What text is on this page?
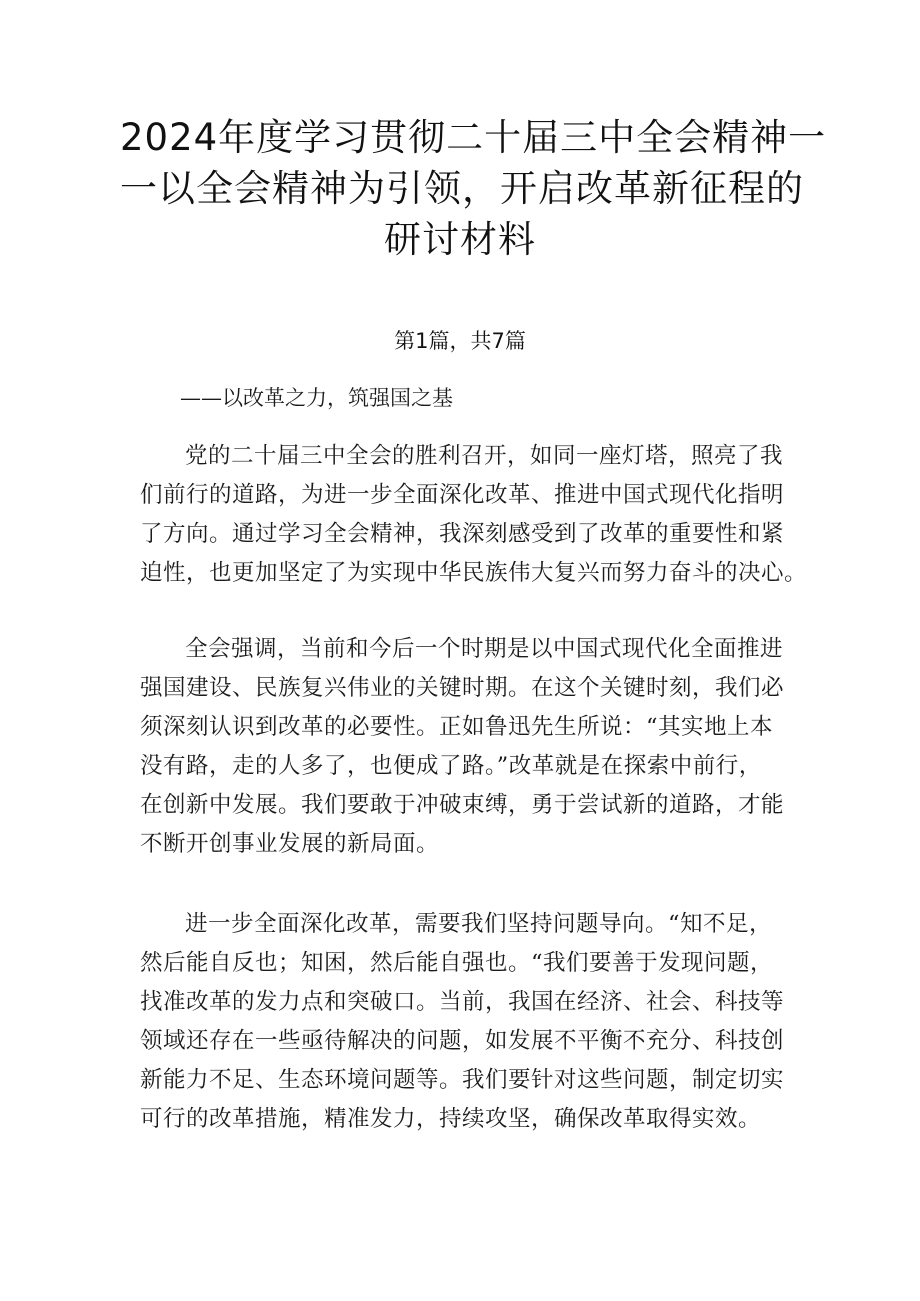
2024年度学习贯彻二十届三中全会精神一
一以全会精神为引领，开启改革新征程的
研讨材料
第1篇，共7篇
——以改革之力，筑强国之基
党的二十届三中全会的胜利召开，如同一座灯塔，照亮了我
们前行的道路，为进一步全面深化改革、推进中国式现代化指明
了方向。通过学习全会精神，我深刻感受到了改革的重要性和紧
迫性，也更加坚定了为实现中华民族伟大复兴而努力奋斗的决心。
全会强调，当前和今后一个时期是以中国式现代化全面推进
强国建设、民族复兴伟业的关键时期。在这个关键时刻，我们必
须深刻认识到改革的必要性。正如鲁迅先生所说：“其实地上本
没有路，走的人多了，也便成了路。”改革就是在探索中前行，
在创新中发展。我们要敢于冲破束缚，勇于尝试新的道路，才能
不断开创事业发展的新局面。
进一步全面深化改革，需要我们坚持问题导向。“知不足，
然后能自反也；知困，然后能自强也。“我们要善于发现问题，
找准改革的发力点和突破口。当前，我国在经济、社会、科技等
领域还存在一些亟待解决的问题，如发展不平衡不充分、科技创
新能力不足、生态环境问题等。我们要针对这些问题，制定切实
可行的改革措施，精准发力，持续攻坚，确保改革取得实效。
